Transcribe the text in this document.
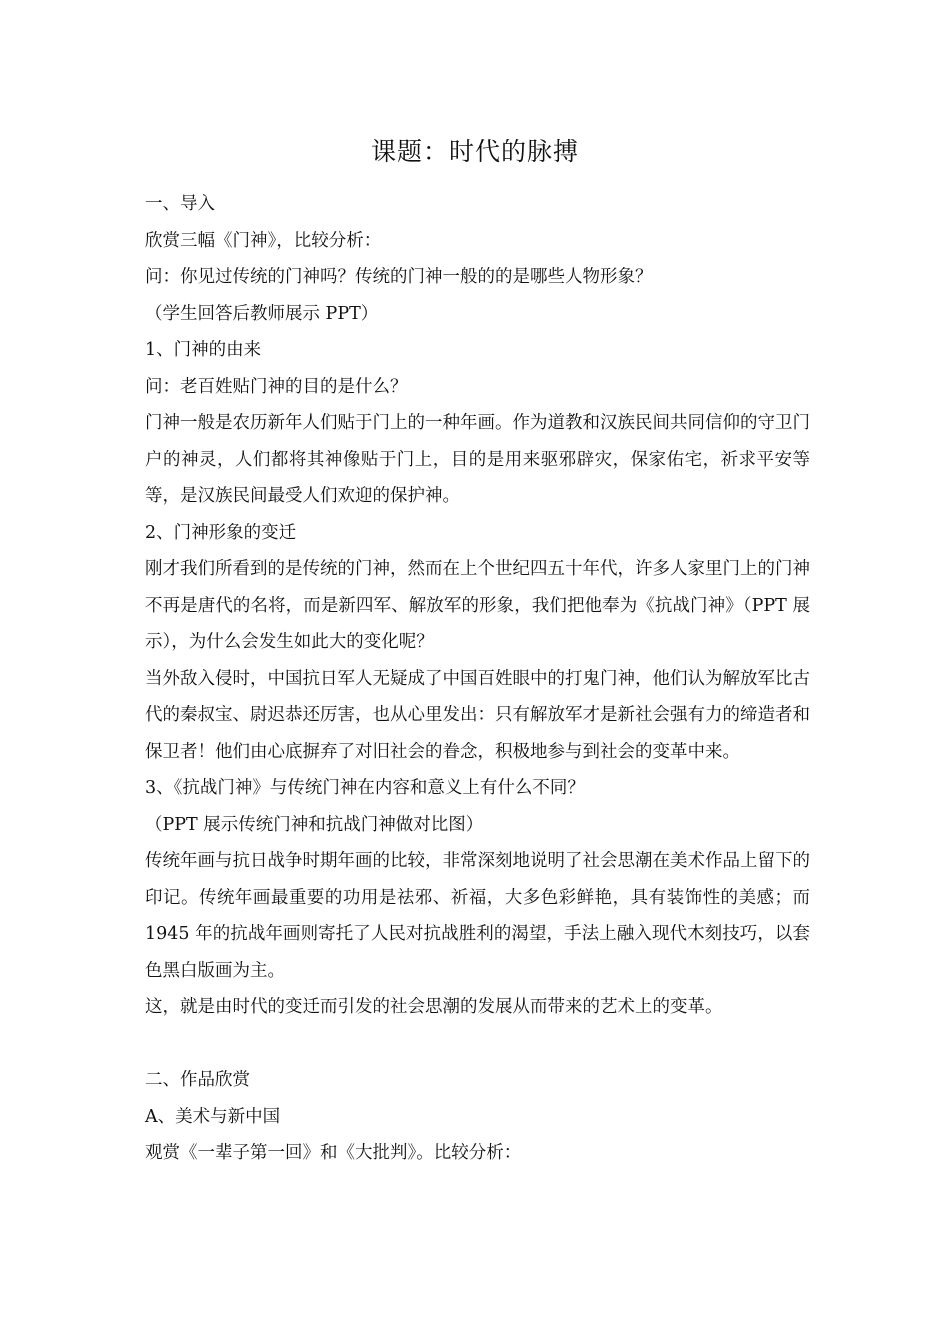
课题：时代的脉搏
一、导入
欣赏三幅《门神》，比较分析：
问：你见过传统的门神吗？传统的门神一般的的是哪些人物形象？
（学生回答后教师展示 PPT）
1、门神的由来
问：老百姓贴门神的目的是什么？
门神一般是农历新年人们贴于门上的一种年画。作为道教和汉族民间共同信仰的守卫门户的神灵，人们都将其神像贴于门上，目的是用来驱邪辟灾，保家佑宅，祈求平安等等，是汉族民间最受人们欢迎的保护神。
2、门神形象的变迁
刚才我们所看到的是传统的门神，然而在上个世纪四五十年代，许多人家里门上的门神不再是唐代的名将，而是新四军、解放军的形象，我们把他奉为《抗战门神》（PPT 展示），为什么会发生如此大的变化呢？
当外敌入侵时，中国抗日军人无疑成了中国百姓眼中的打鬼门神，他们认为解放军比古代的秦叔宝、尉迟恭还厉害，也从心里发出：只有解放军才是新社会强有力的缔造者和保卫者！他们由心底摒弃了对旧社会的眷念，积极地参与到社会的变革中来。
3、《抗战门神》与传统门神在内容和意义上有什么不同？
（PPT 展示传统门神和抗战门神做对比图）
传统年画与抗日战争时期年画的比较，非常深刻地说明了社会思潮在美术作品上留下的印记。传统年画最重要的功用是祛邪、祈福，大多色彩鲜艳，具有装饰性的美感；而 1945 年的抗战年画则寄托了人民对抗战胜利的渴望，手法上融入现代木刻技巧，以套色黑白版画为主。
这，就是由时代的变迁而引发的社会思潮的发展从而带来的艺术上的变革。
二、作品欣赏
A、美术与新中国
观赏《一辈子第一回》和《大批判》。比较分析：
